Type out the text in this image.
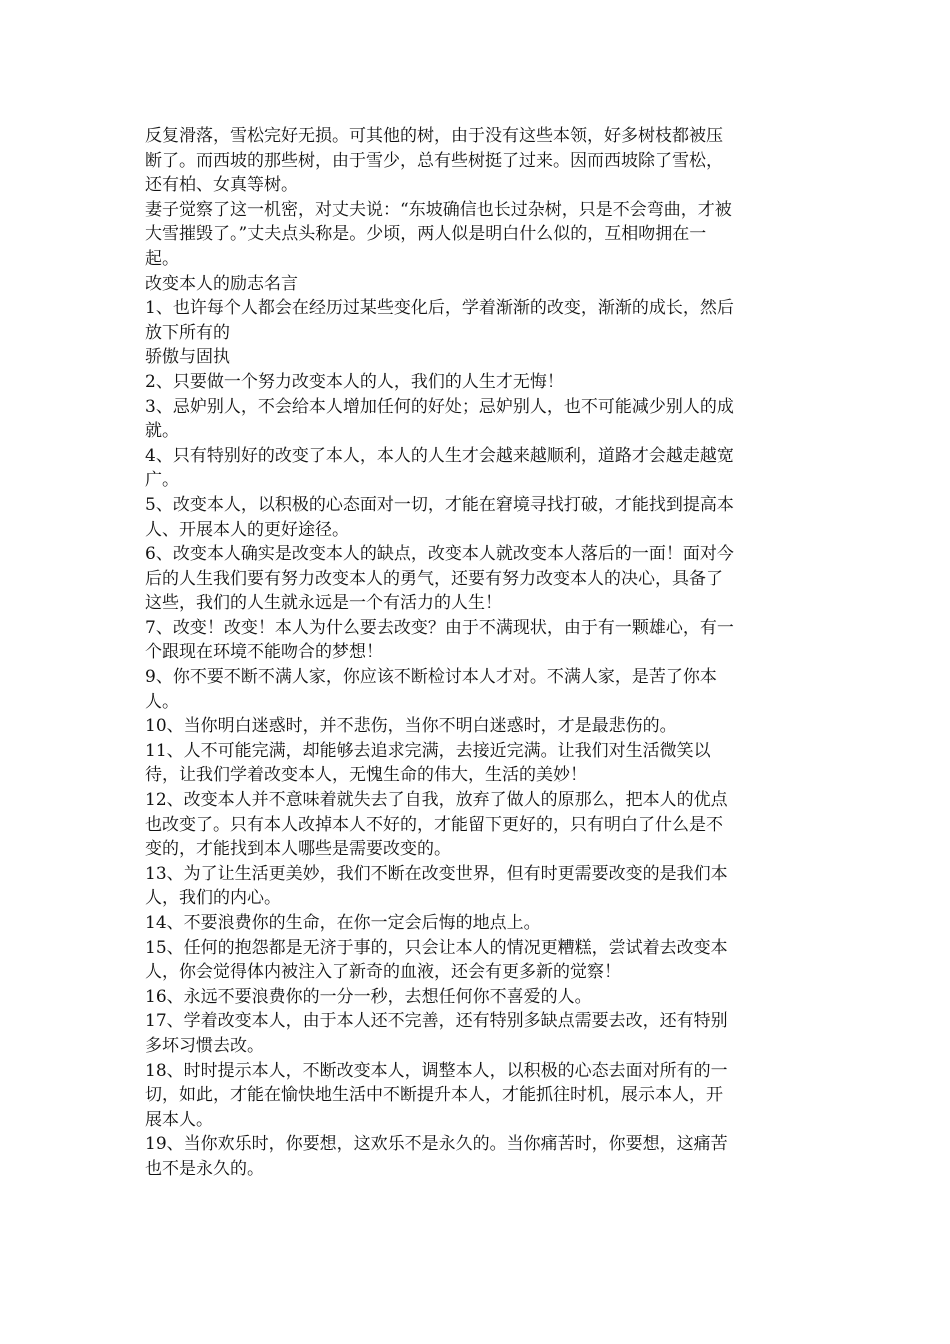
反复滑落，雪松完好无损。可其他的树，由于没有这些本领，好多树枝都被压
断了。而西坡的那些树，由于雪少，总有些树挺了过来。因而西坡除了雪松，
还有柏、女真等树。

妻子觉察了这一机密，对丈夫说：“东坡确信也长过杂树，只是不会弯曲，才被
大雪摧毁了。”丈夫点头称是。少顷，两人似是明白什么似的，互相吻拥在一
起。

改变本人的励志名言

1、也许每个人都会在经历过某些变化后，学着渐渐的改变，渐渐的成长，然后
放下所有的

骄傲与固执

2、只要做一个努力改变本人的人，我们的人生才无悔！

3、忌妒别人，不会给本人增加任何的好处；忌妒别人，也不可能减少别人的成
就。

4、只有特别好的改变了本人，本人的人生才会越来越顺利，道路才会越走越宽
广。

5、改变本人，以积极的心态面对一切，才能在窘境寻找打破，才能找到提高本
人、开展本人的更好途径。

6、改变本人确实是改变本人的缺点，改变本人就改变本人落后的一面！面对今
后的人生我们要有努力改变本人的勇气，还要有努力改变本人的决心，具备了
这些，我们的人生就永远是一个有活力的人生！

7、改变！改变！本人为什么要去改变？由于不满现状，由于有一颗雄心，有一
个跟现在环境不能吻合的梦想！

9、你不要不断不满人家，你应该不断检讨本人才对。不满人家，是苦了你本
人。

10、当你明白迷惑时，并不悲伤，当你不明白迷惑时，才是最悲伤的。

11、人不可能完满，却能够去追求完满，去接近完满。让我们对生活微笑以
待，让我们学着改变本人，无愧生命的伟大，生活的美妙！

12、改变本人并不意味着就失去了自我，放弃了做人的原那么，把本人的优点
也改变了。只有本人改掉本人不好的，才能留下更好的，只有明白了什么是不
变的，才能找到本人哪些是需要改变的。

13、为了让生活更美妙，我们不断在改变世界，但有时更需要改变的是我们本
人，我们的内心。

14、不要浪费你的生命，在你一定会后悔的地点上。

15、任何的抱怨都是无济于事的，只会让本人的情况更糟糕，尝试着去改变本
人，你会觉得体内被注入了新奇的血液，还会有更多新的觉察！

16、永远不要浪费你的一分一秒，去想任何你不喜爱的人。

17、学着改变本人，由于本人还不完善，还有特别多缺点需要去改，还有特别
多坏习惯去改。

18、时时提示本人，不断改变本人，调整本人，以积极的心态去面对所有的一
切，如此，才能在愉快地生活中不断提升本人，才能抓往时机，展示本人，开
展本人。

19、当你欢乐时，你要想，这欢乐不是永久的。当你痛苦时，你要想，这痛苦
也不是永久的。
